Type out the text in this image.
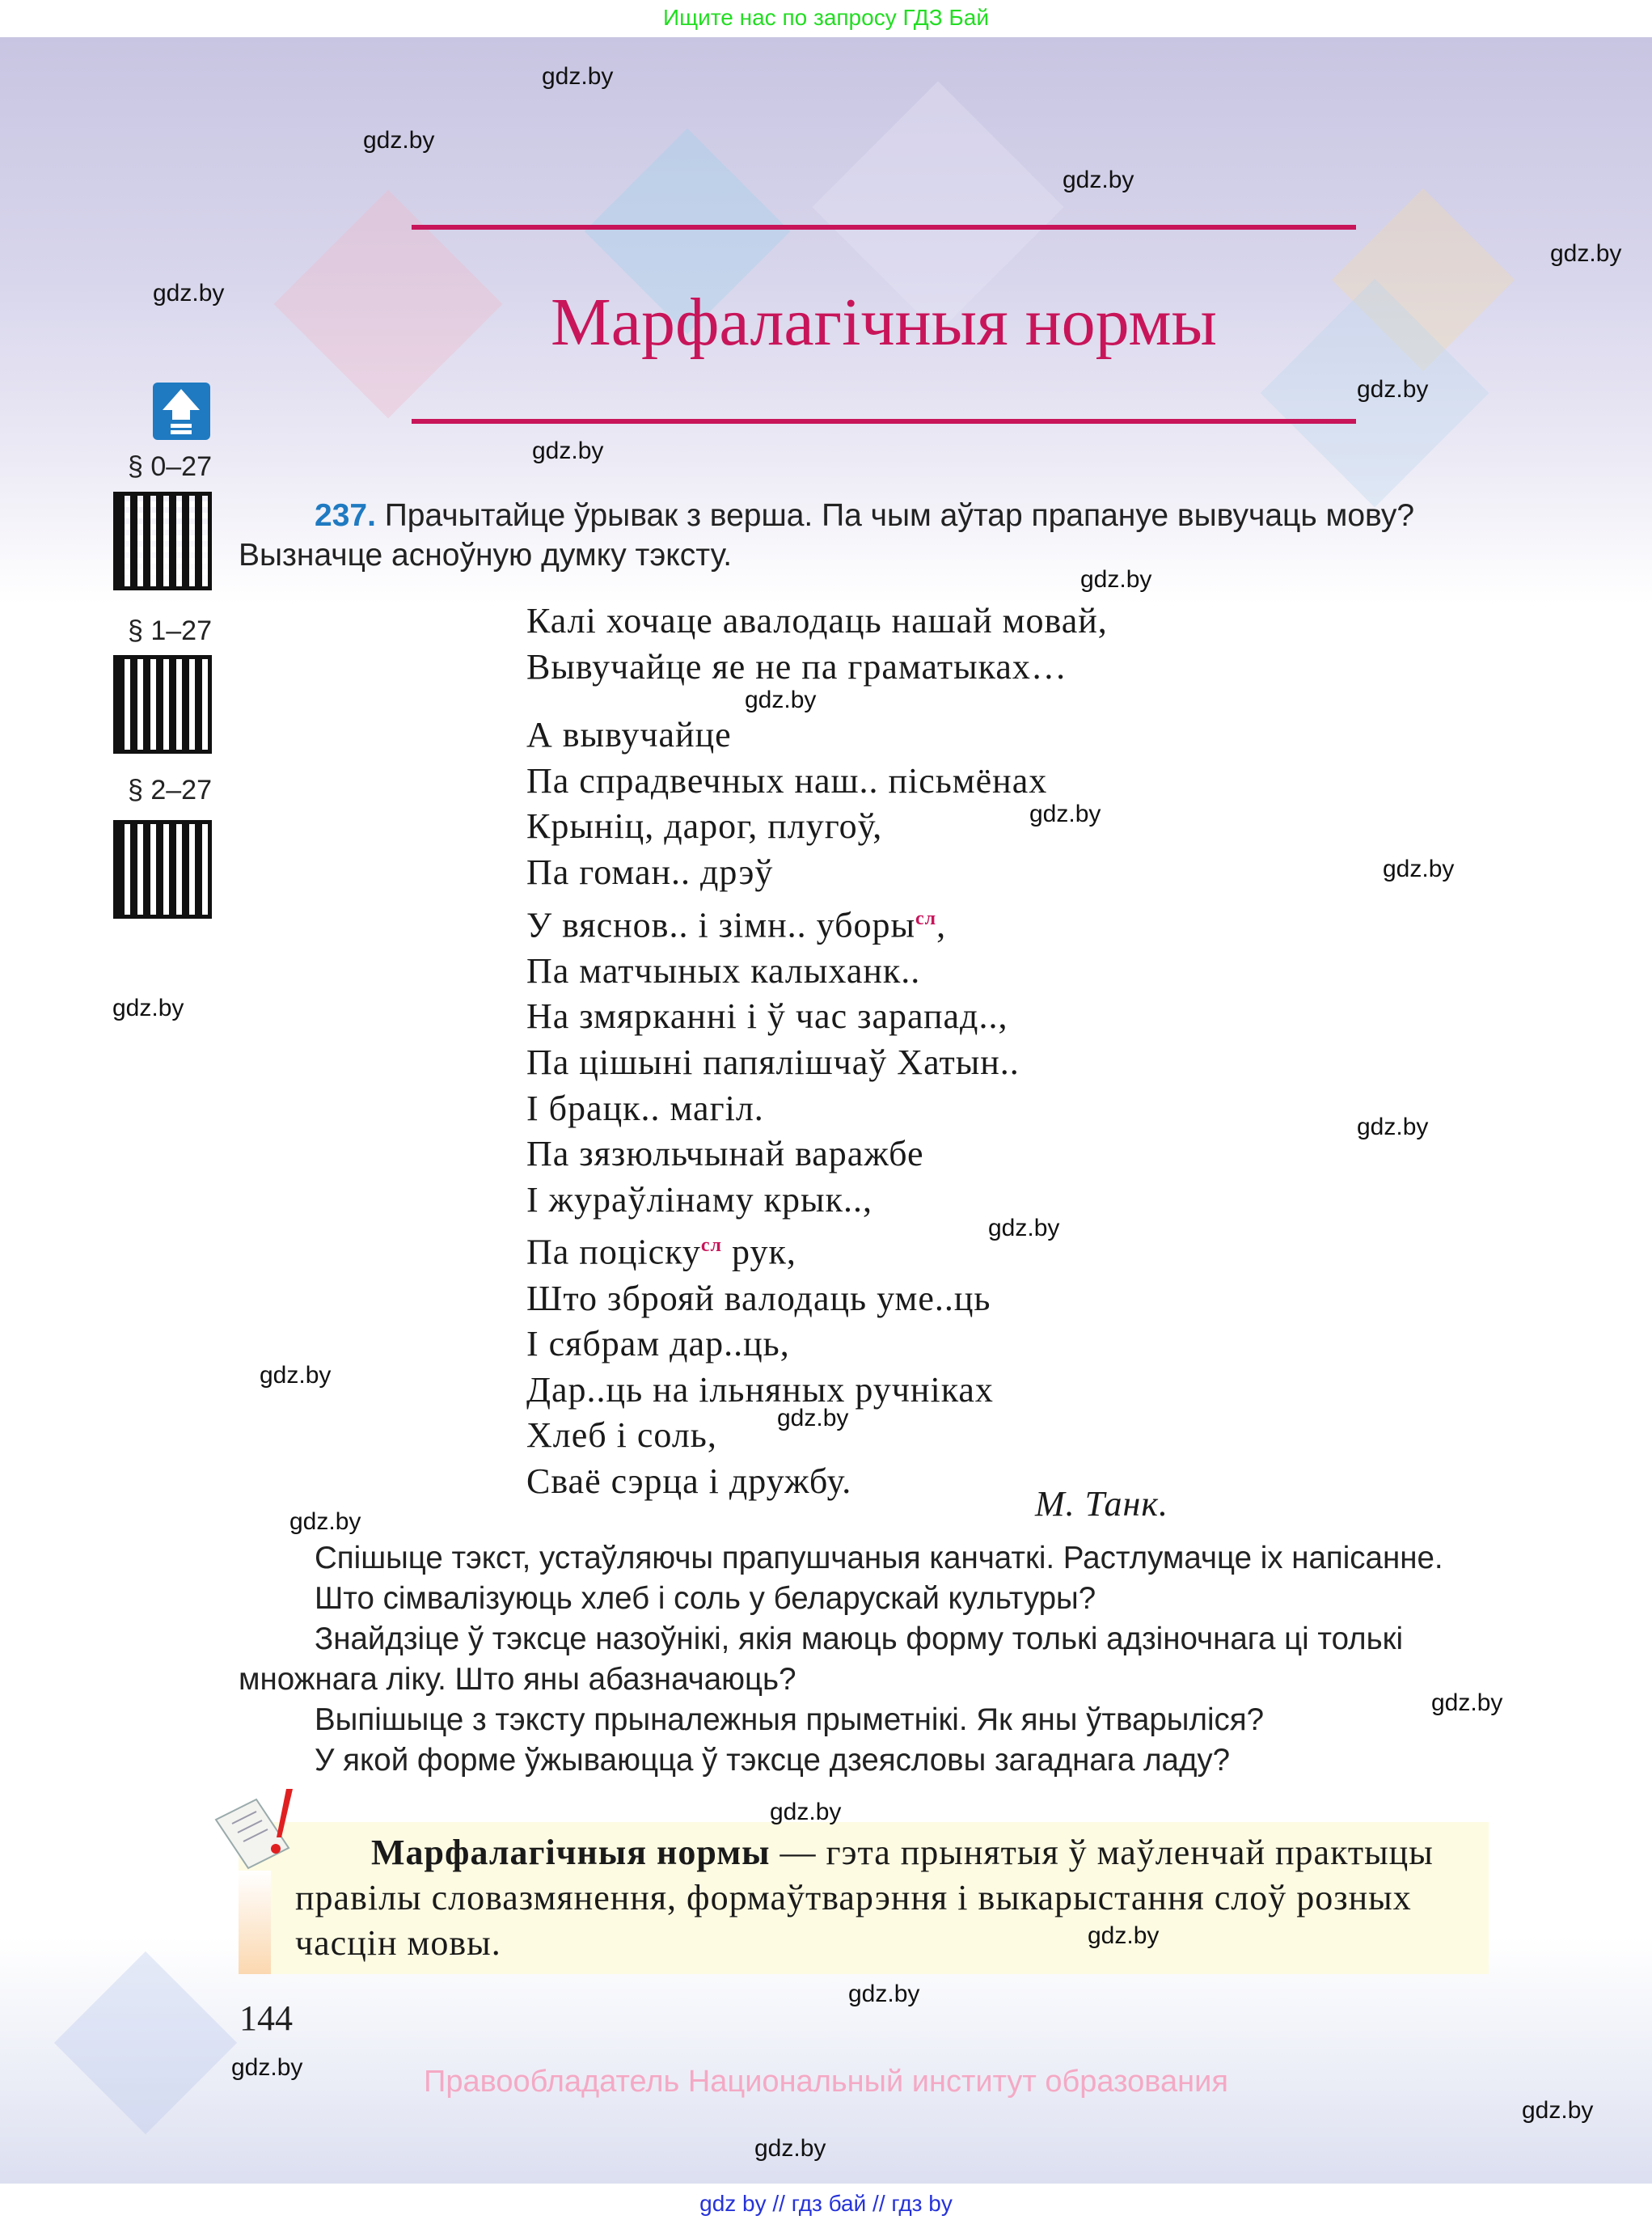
Ищите нас по запросу ГДЗ Бай
Марфалагічныя нормы
§ 0–27
§ 1–27
§ 2–27
237. Прачытайце ўрывак з верша. Па чым аўтар прапануе вывучаць мову?
Вызначце асноўную думку тэксту.
Калі хочаце авалодаць нашай мовай,
Вывучайце яе не па граматыках…
А вывучайце
Па спрадвечных наш.. пісьмёнах
Крыніц, дарог, плугоў,
Па гоман.. дрэў
У вяснов.. і зімн.. уборы$^{сл}$,
Па матчыных калыханк..
На змярканні і ў час зарапад..,
Па цішыні папялішчаў Хатын..
І брацк.. магіл.
Па зязюльчынай варажбе
І жураўлінаму крык..,
Па поціску$^{сл}$ рук,
Што зброяй валодаць уме..ць
І сябрам дар..ць,
Дар..ць на ільняных ручніках
Хлеб і соль,
Сваё сэрца і дружбу.
М. Танк.

Спішыце тэкст, устаўляючы прапушчаныя канчаткі. Растлумачце іх напісанне.

Што сімвалізуюць хлеб і соль у беларускай культуры?

Знайдзіце ў тэксце назоўнікі, якія маюць форму толькі адзіночнага ці толькі множнага ліку. Што яны абазначаюць?

Выпішыце з тэксту прыналежныя прыметнікі. Як яны ўтварыліся?

У якой форме ўжываюцца ў тэксце дзеясловы загаднага ладу?

Марфалагічныя нормы — гэта прынятыя ў маўленчай практыцы правілы словазмянення, формаўтварэння і выкарыстання слоў розных часцін мовы.
144
Правообладатель Национальный институт образования
gdz by // гдз бай // гдз by
gdz.by
gdz.by
gdz.by
gdz.by
gdz.by
gdz.by
gdz.by
gdz.by
gdz.by
gdz.by
gdz.by
gdz.by
gdz.by
gdz.by
gdz.by
gdz.by
gdz.by
gdz.by
gdz.by
gdz.by
gdz.by
gdz.by
gdz.by
gdz.by
